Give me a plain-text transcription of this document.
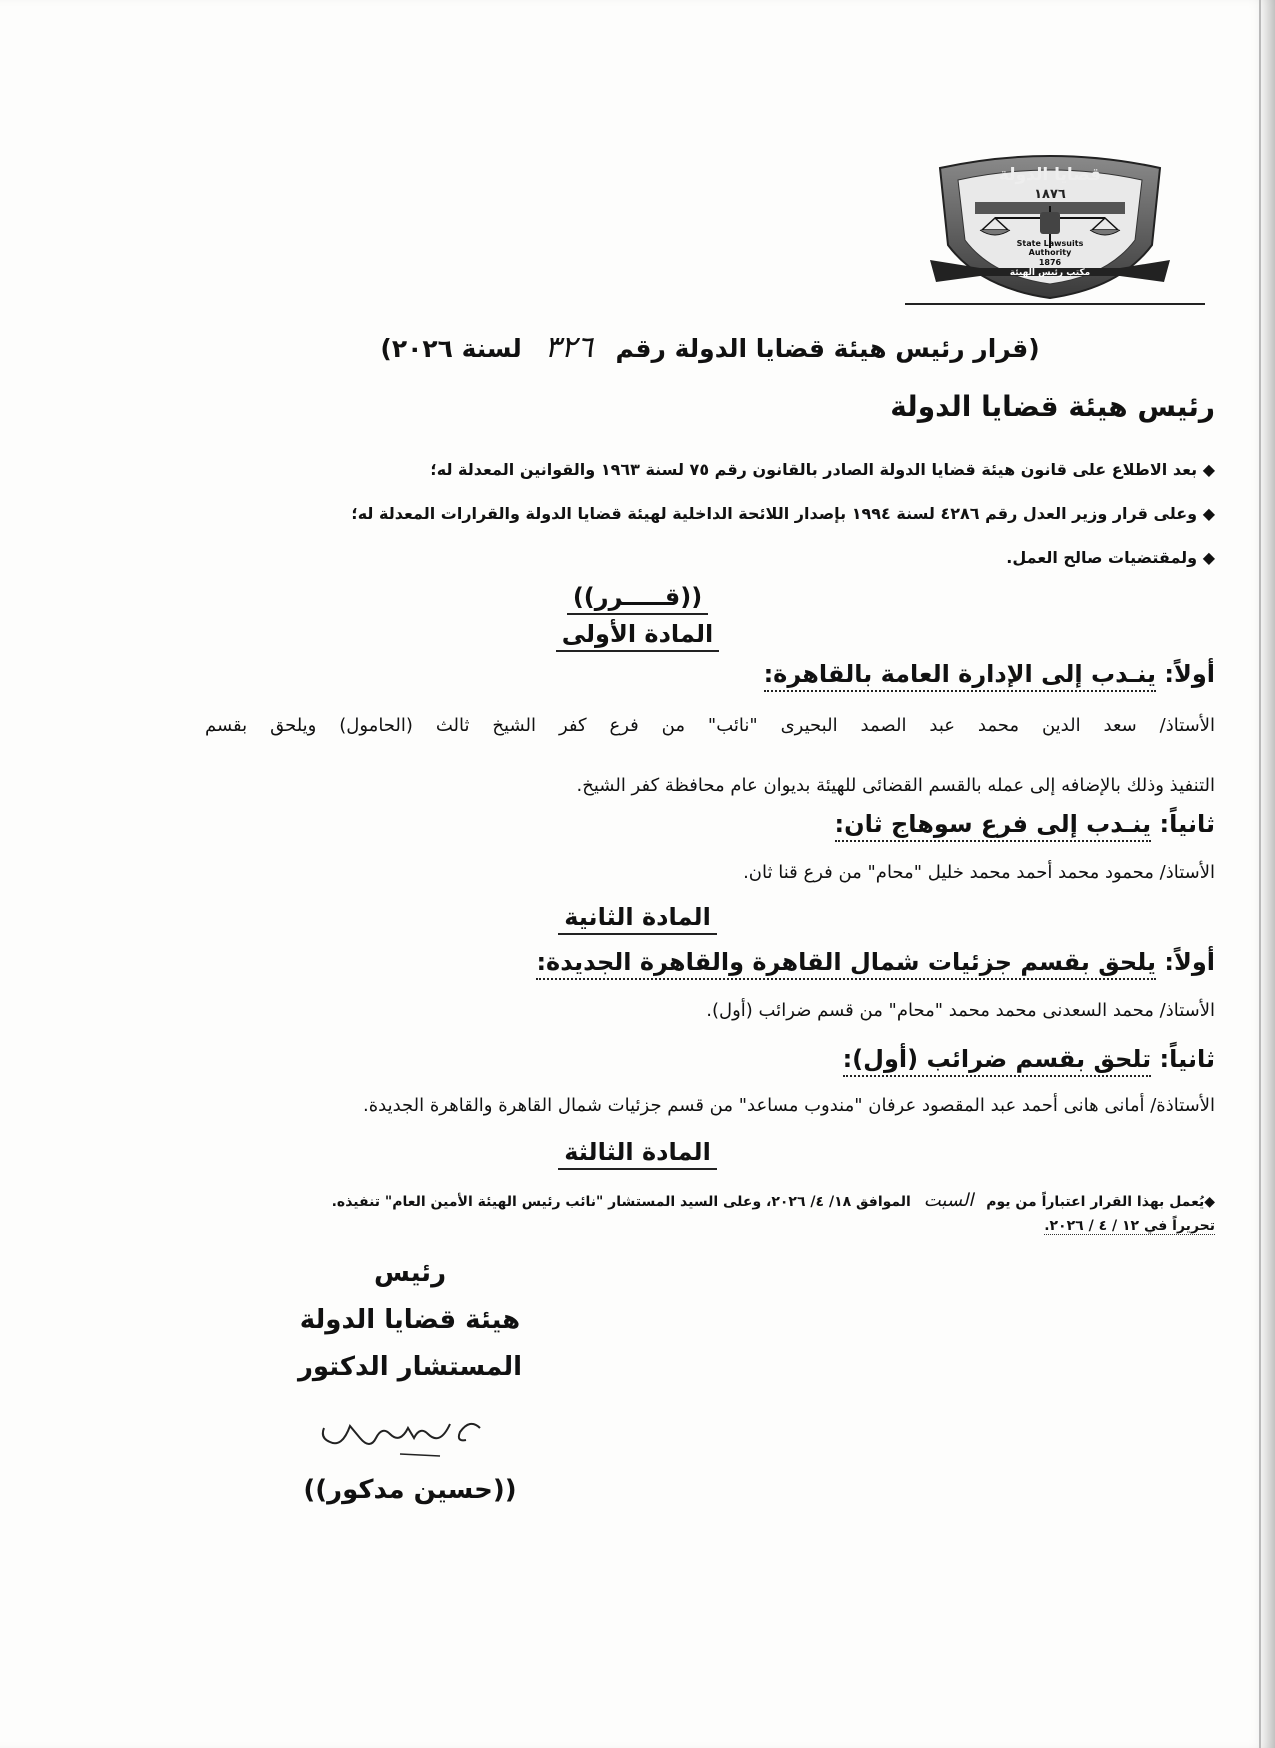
قضايا الدولة
١٨٧٦
State Lawsuits
Authority
1876
مكتب رئيس الهيئة
(قرار رئيس هيئة قضايا الدولة رقم ٣٢٦ لسنة ٢٠٢٦)
رئيس هيئة قضايا الدولة
◆ بعد الاطلاع على قانون هيئة قضايا الدولة الصادر بالقانون رقم ٧٥ لسنة ١٩٦٣ والقوانين المعدلة له؛
◆ وعلى قرار وزير العدل رقم ٤٢٨٦ لسنة ١٩٩٤ بإصدار اللائحة الداخلية لهيئة قضايا الدولة والقرارات المعدلة له؛
◆ ولمقتضيات صالح العمل.
((قـــــرر))
المادة الأولى
أولاً: ينـدب إلى الإدارة العامة بالقاهرة:
الأستاذ/ سعد الدين محمد عبد الصمد البحيرى "نائب" من فرع كفر الشيخ ثالث (الحامول) ويلحق بقسم
التنفيذ وذلك بالإضافه إلى عمله بالقسم القضائى للهيئة بديوان عام محافظة كفر الشيخ.
ثانياً: ينـدب إلى فرع سوهاج ثان:
الأستاذ/ محمود محمد أحمد محمد خليل "محام" من فرع قنا ثان.
المادة الثانية
أولاً: يلحق بقسم جزئيات شمال القاهرة والقاهرة الجديدة:
الأستاذ/ محمد السعدنى محمد محمد "محام" من قسم ضرائب (أول).
ثانياً: تلحق بقسم ضرائب (أول):
الأستاذة/ أمانى هانى أحمد عبد المقصود عرفان "مندوب مساعد" من قسم جزئيات شمال القاهرة والقاهرة الجديدة.
المادة الثالثة
◆يُعمل بهذا القرار اعتباراً من يوم السبت الموافق ١٨/ ٤/ ٢٠٢٦، وعلى السيد المستشار "نائب رئيس الهيئة الأمين العام" تنفيذه.
تحريراً في ١٢ / ٤ / ٢٠٢٦.
رئيس
هيئة قضايا الدولة
المستشار الدكتور
((حسين مدكور))
